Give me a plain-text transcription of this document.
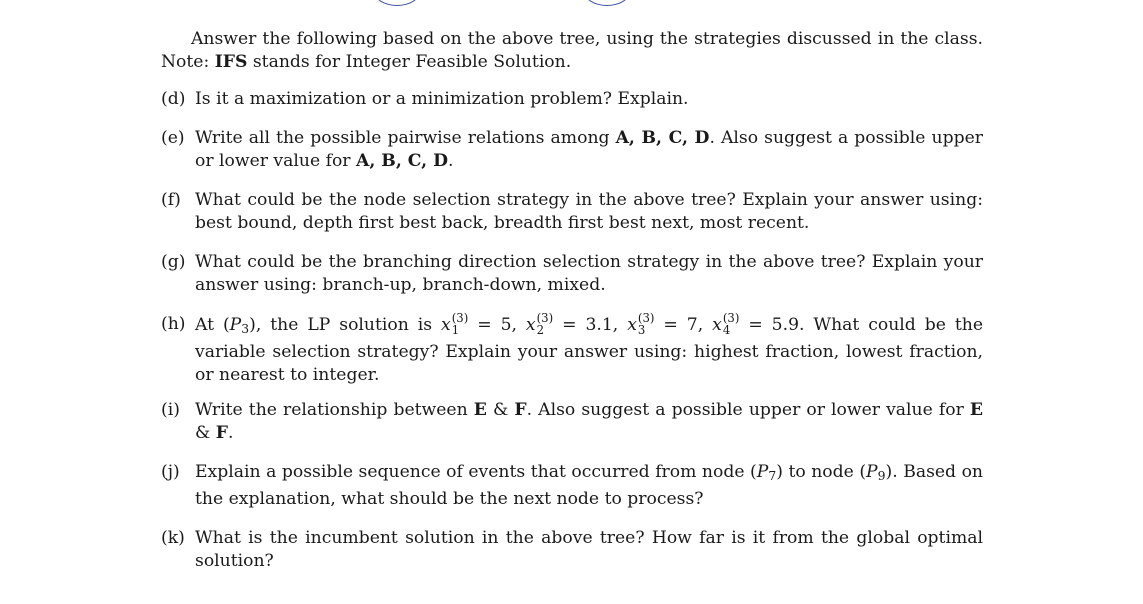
Answer the following based on the above tree, using the strategies discussed in the class. Note: IFS stands for Integer Feasible Solution.

(d) Is it a maximization or a minimization problem? Explain.
(e) Write all the possible pairwise relations among A, B, C, D. Also suggest a possible upper or lower value for A, B, C, D.
(f) What could be the node selection strategy in the above tree? Explain your answer using: best bound, depth first best back, breadth first best next, most recent.
(g) What could be the branching direction selection strategy in the above tree? Explain your answer using: branch-up, branch-down, mixed.
(h) At $(P_3)$, the LP solution is x (3)
1 = 5, x (3)
2 = 3.1, x (3)
3 = 7, x (3)
4 = 5.9. What could be the variable selection strategy? Explain your answer using: highest fraction, lowest fraction, or nearest to integer.
(i) Write the relationship between E & F. Also suggest a possible upper or lower value for E & F.
(j) Explain a possible sequence of events that occurred from node $(P_7)$ to node $(P_9)$. Based on the explanation, what should be the next node to process?
(k) What is the incumbent solution in the above tree? How far is it from the global optimal solution?
